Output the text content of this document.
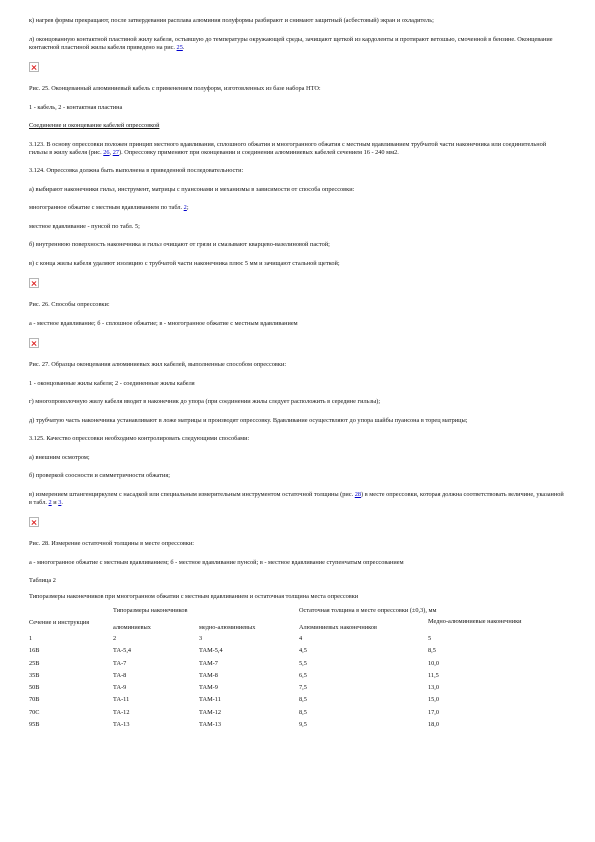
к) нагрев формы прекращают, после затвердевания расплава алюминия полуформы разбирают и снимают защитный (асбестовый) экран и охладитель;

л) оконцованную контактной пластиной жилу кабеля, остывшую до температуры окружающей среды, зачищают щеткой из кардоленты и протирают ветошью, смоченной в бензине. Оконцевание контактной пластиной жилы кабеля приведено на рис. 25.

Рис. 25. Оконцеванный алюминиевый кабель с применением полуформ, изготовленных из базе набора НТО:

1 - кабель, 2 - контактная пластина

Соединение и оконцевание кабелей опрессовкой

3.123. В основу опрессовки положен принцип местного вдавливания, сплошного обжатия и многогранного обжатия с местным вдавливанием трубчатой части наконечника или соединительной гильзы в жилу кабеля (рис. 26, 27). Опрессовку применяют при оконцевании и соединении алюминиевых кабелей сечением 16 - 240 мм2.

3.124. Опрессовка должна быть выполнена в приведенной последовательности:

а) выбирают наконечники гильз, инструмент, матрицы с пуансонами и механизмы в зависимости от способа опрессовки:

многогранное обжатие с местным вдавливанием по табл. 2;

местное вдавливание - пунсой по табл. 5;

б) внутреннюю поверхность наконечника и гильз очищают от грязи и смазывают кварцево-вазелиновой пастой;

в) с конца жилы кабеля удаляют изоляцию с трубчатой части наконечника плюс 5 мм и зачищают стальной щеткой;

Рис. 26. Способы опрессовки:

а - местное вдавливание; б - сплошное обжатие; в - многогранное обжатие с местным вдавливанием

Рис. 27. Образцы оконцевания алюминиевых жил кабелей, выполненные способом опрессовки:

1 - оконцованные жилы кабеля; 2 - соединенные жилы кабеля

г) многопроволочную жилу кабеля вводят в наконечник до упора (при соединении жилы следует расположить в середине гильзы);

д) трубчатую часть наконечника устанавливают в ложе матрицы и производят опрессовку. Вдавливание осуществляют до упора шайбы пуансона в торец матрицы;

3.125. Качество опрессовки необходимо контролировать следующими способами:

а) внешним осмотром;

б) проверкой соосности и симметричности обжатия;

в) измерением штангенциркулем с насадкой или специальным измерительным инструментом остаточной толщины (рис. 28) в месте опрессовки, которая должна соответствовать величине, указанной в табл. 2 и 3.

Рис. 28. Измерение остаточной толщины в месте опрессовки:

а - многогранное обжатие с местным вдавливанием; б - местное вдавливание пунсой; в - местное вдавливание ступенчатым опрессованием

Таблица 2

Типоразмеры наконечников при многогранном обжатии с местным вдавливанием и остаточная толщина места опрессовки

Сечение и инструкция	Типоразмеры наконечников		Остаточная толщина в месте опрессовки (±0,3), мм	
	алюминиевых	медно-алюминиевых	Алюминиевых наконечников	Медно-алюминиевые наконечники
1	2	3	4	5
16В	ТА-5,4	ТАМ-5,4	4,5	8,5
25В	ТА-7	ТАМ-7	5,5	10,0
35В	ТА-8	ТАМ-8	6,5	11,5
50В	ТА-9	ТАМ-9	7,5	13,0
70В	ТА-11	ТАМ-11	8,5	15,0
70С	ТА-12	ТАМ-12	8,5	17,0
95В	ТА-13	ТАМ-13	9,5	18,0
